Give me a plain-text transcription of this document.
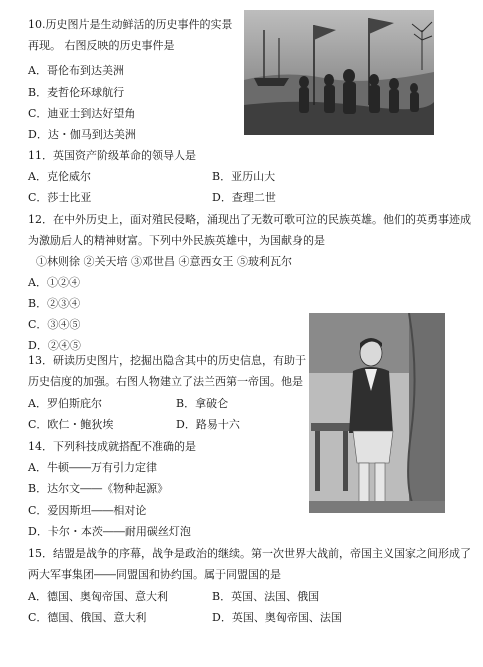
10.历史图片是生动鲜活的历史事件的实景
再现。 右图反映的历史事件是
A．哥伦布到达美洲
B．麦哲伦环球航行
C．迪亚士到达好望角
D．达・伽马到达美洲
11．英国资产阶级革命的领导人是
A．克伦威尔	B．亚历山大
C．莎士比亚	D．查理二世
12．在中外历史上，面对殖民侵略，涌现出了无数可歌可泣的民族英雄。他们的英勇事迹成
为激励后人的精神财富。下列中外民族英雄中，为国献身的是
①林则徐 ②关天培 ③邓世昌 ④意西女王 ⑤玻利瓦尔
A．①②④
B．②③④
C．③④⑤
D．②④⑤
13．研读历史图片，挖掘出隐含其中的历史信息，有助于
历史信度的加强。右图人物建立了法兰西第一帝国。他是
A．罗伯斯庇尔	B．拿破仑
C．欧仁・鲍狄埃	D．路易十六
14．下列科技成就搭配不准确的是
A．牛顿――万有引力定律
B．达尔文――《物种起源》
C．爱因斯坦――相对论
D．卡尔・本茨――耐用碳丝灯泡
15．结盟是战争的序幕，战争是政治的继续。第一次世界大战前，帝国主义国家之间形成了
两大军事集团――同盟国和协约国。属于同盟国的是
A．德国、奥匈帝国、意大利	B．英国、法国、俄国
C．德国、俄国、意大利	D．英国、奥匈帝国、法国
